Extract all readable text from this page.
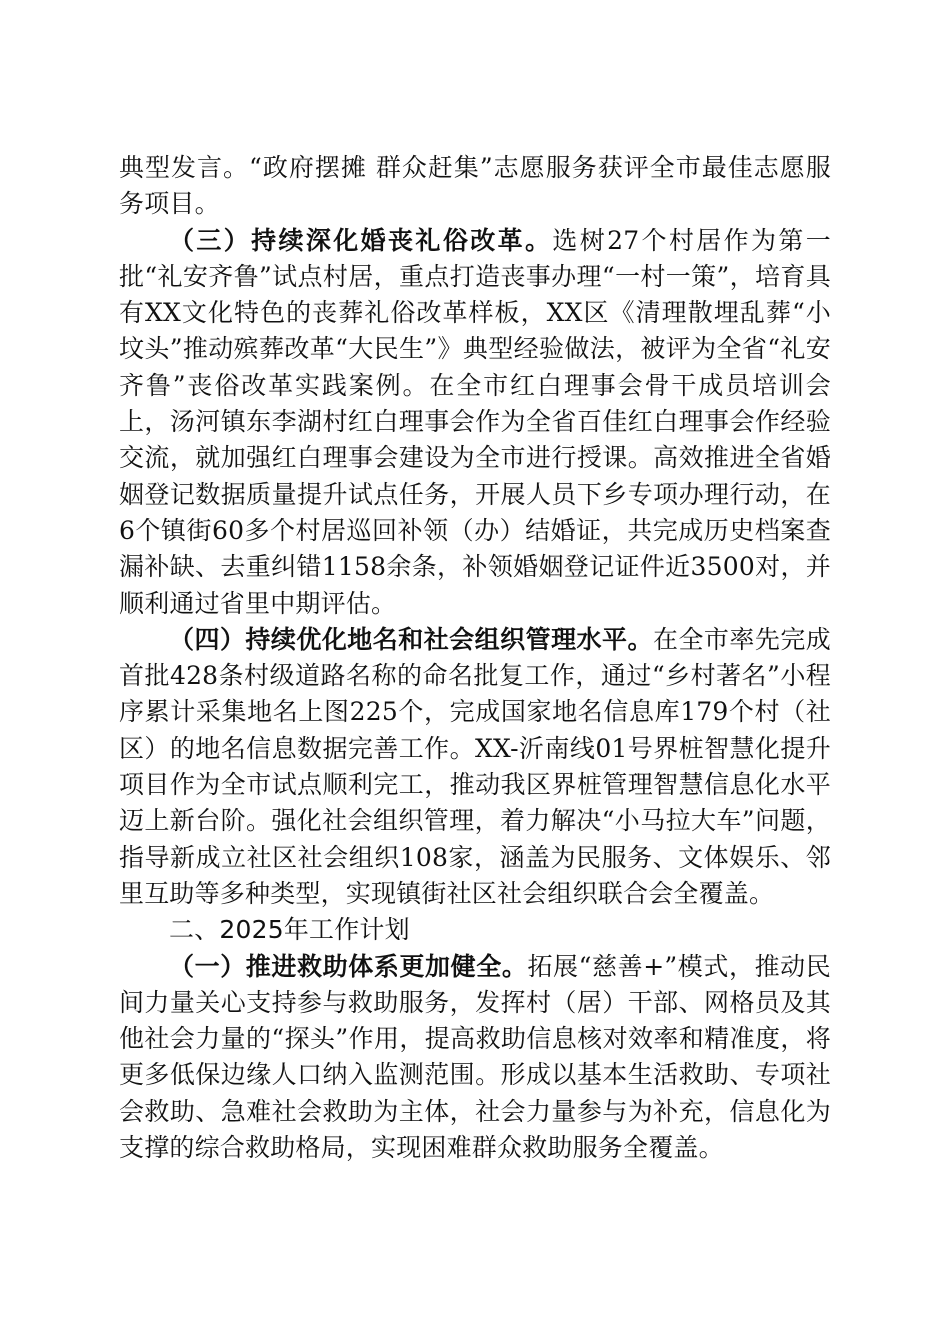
典型发言。“政府摆摊 群众赶集”志愿服务获评全市最佳志愿服务项目。

（三）持续深化婚丧礼俗改革。选树27个村居作为第一批“礼安齐鲁”试点村居，重点打造丧事办理“一村一策”，培育具有XX文化特色的丧葬礼俗改革样板，XX区《清理散埋乱葬“小坟头”推动殡葬改革“大民生”》典型经验做法，被评为全省“礼安齐鲁”丧俗改革实践案例。在全市红白理事会骨干成员培训会上，汤河镇东李湖村红白理事会作为全省百佳红白理事会作经验交流，就加强红白理事会建设为全市进行授课。高效推进全省婚姻登记数据质量提升试点任务，开展人员下乡专项办理行动，在6个镇街60多个村居巡回补领（办）结婚证，共完成历史档案查漏补缺、去重纠错1158余条，补领婚姻登记证件近3500对，并顺利通过省里中期评估。

（四）持续优化地名和社会组织管理水平。在全市率先完成首批428条村级道路名称的命名批复工作，通过“乡村著名”小程序累计采集地名上图225个，完成国家地名信息库179个村（社区）的地名信息数据完善工作。XX-沂南线01号界桩智慧化提升项目作为全市试点顺利完工，推动我区界桩管理智慧信息化水平迈上新台阶。强化社会组织管理，着力解决“小马拉大车”问题，指导新成立社区社会组织108家，涵盖为民服务、文体娱乐、邻里互助等多种类型，实现镇街社区社会组织联合会全覆盖。

二、2025年工作计划

（一）推进救助体系更加健全。拓展“慈善+”模式，推动民间力量关心支持参与救助服务，发挥村（居）干部、网格员及其他社会力量的“探头”作用，提高救助信息核对效率和精准度，将更多低保边缘人口纳入监测范围。形成以基本生活救助、专项社会救助、急难社会救助为主体，社会力量参与为补充，信息化为支撑的综合救助格局，实现困难群众救助服务全覆盖。
